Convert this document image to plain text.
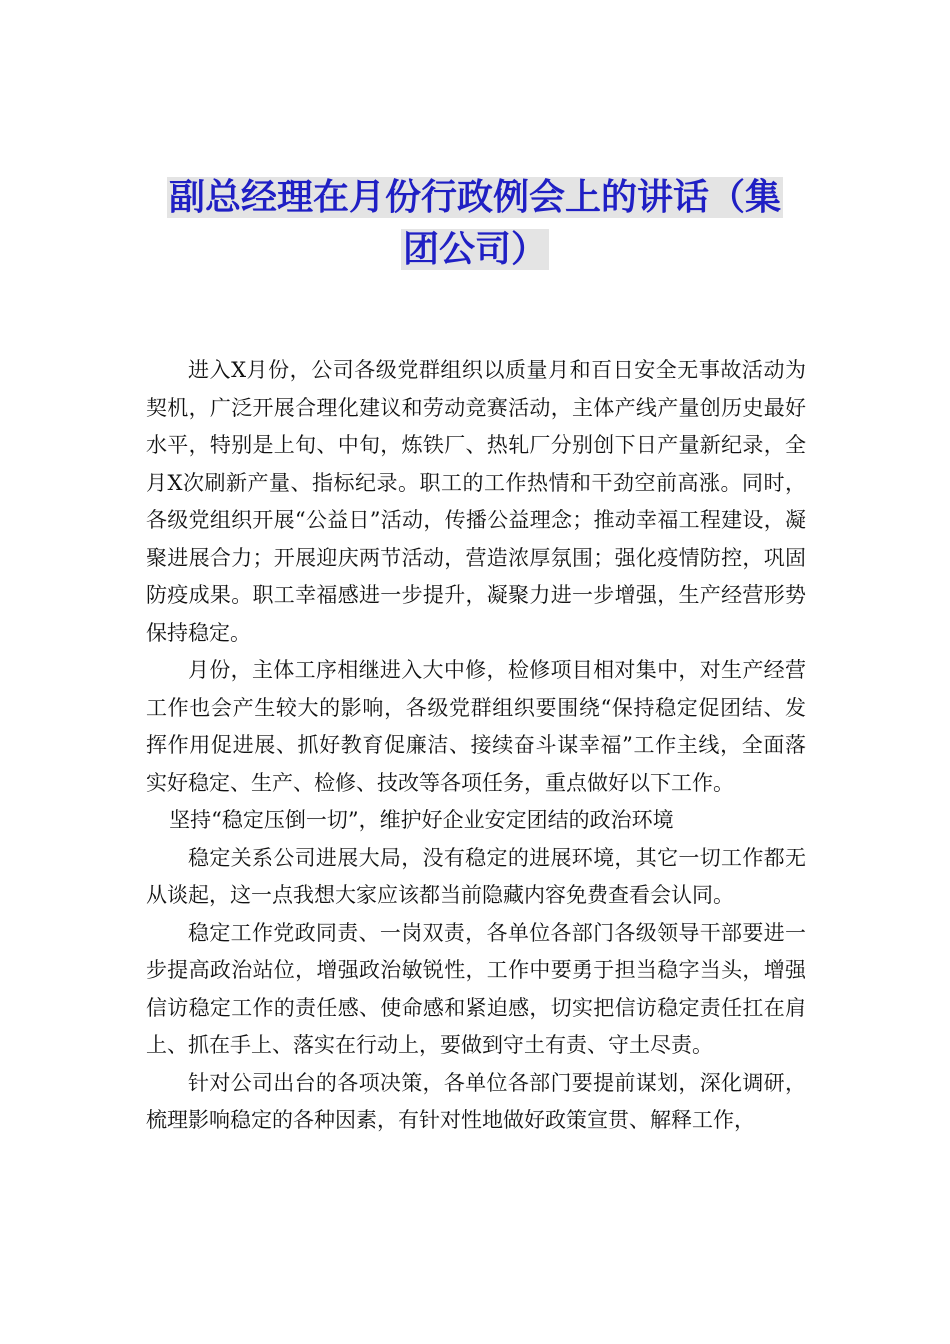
副总经理在月份行政例会上的讲话（集
团公司）

进入X月份，公司各级党群组织以质量月和百日安全无事故活动为契机，广泛开展合理化建议和劳动竞赛活动，主体产线产量创历史最好水平，特别是上旬、中旬，炼铁厂、热轧厂分别创下日产量新纪录，全月X次刷新产量、指标纪录。职工的工作热情和干劲空前高涨。同时，各级党组织开展“公益日”活动，传播公益理念；推动幸福工程建设，凝聚进展合力；开展迎庆两节活动，营造浓厚氛围；强化疫情防控，巩固防疫成果。职工幸福感进一步提升，凝聚力进一步增强，生产经营形势保持稳定。

月份，主体工序相继进入大中修，检修项目相对集中，对生产经营工作也会产生较大的影响，各级党群组织要围绕“保持稳定促团结、发挥作用促进展、抓好教育促廉洁、接续奋斗谋幸福”工作主线，全面落实好稳定、生产、检修、技改等各项任务，重点做好以下工作。

坚持“稳定压倒一切”，维护好企业安定团结的政治环境

稳定关系公司进展大局，没有稳定的进展环境，其它一切工作都无从谈起，这一点我想大家应该都当前隐藏内容免费查看会认同。

稳定工作党政同责、一岗双责，各单位各部门各级领导干部要进一步提高政治站位，增强政治敏锐性，工作中要勇于担当稳字当头，增强信访稳定工作的责任感、使命感和紧迫感，切实把信访稳定责任扛在肩上、抓在手上、落实在行动上，要做到守土有责、守土尽责。

针对公司出台的各项决策，各单位各部门要提前谋划，深化调研，梳理影响稳定的各种因素，有针对性地做好政策宣贯、解释工作，
